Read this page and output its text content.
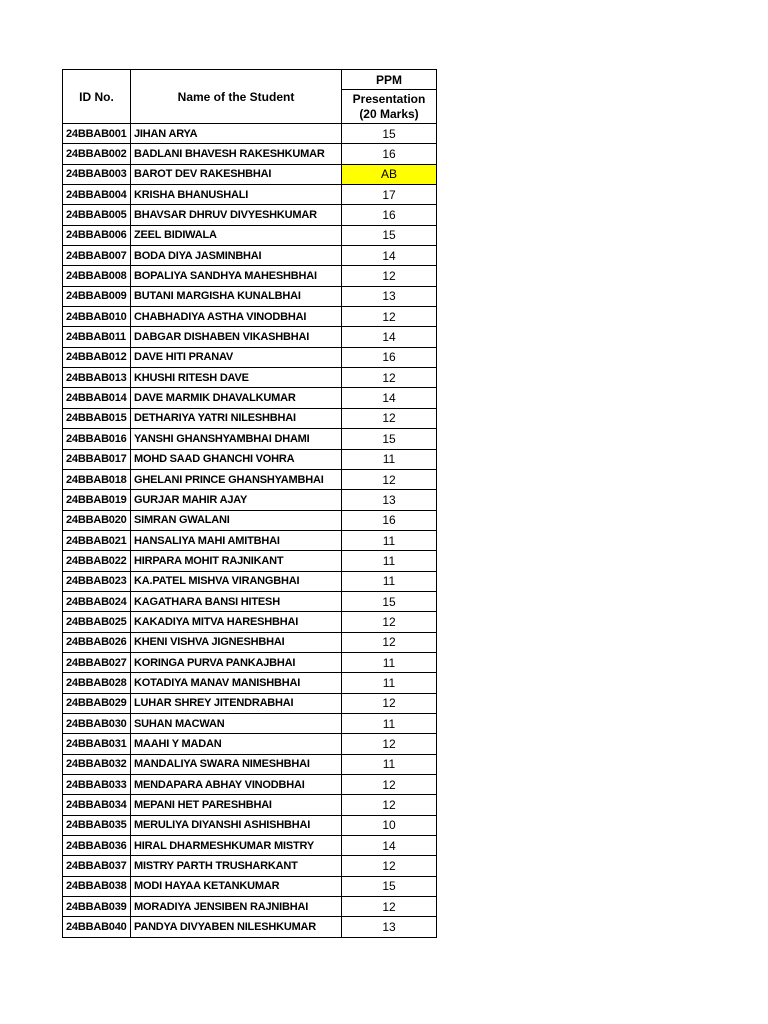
ID No.	Name of the Student	PPM
		Presentation
(20 Marks)
24BBAB001	JIHAN ARYA	15
24BBAB002	BADLANI BHAVESH RAKESHKUMAR	16
24BBAB003	BAROT DEV RAKESHBHAI	AB
24BBAB004	KRISHA BHANUSHALI	17
24BBAB005	BHAVSAR DHRUV DIVYESHKUMAR	16
24BBAB006	ZEEL BIDIWALA	15
24BBAB007	BODA DIYA JASMINBHAI	14
24BBAB008	BOPALIYA SANDHYA MAHESHBHAI	12
24BBAB009	BUTANI MARGISHA KUNALBHAI	13
24BBAB010	CHABHADIYA ASTHA VINODBHAI	12
24BBAB011	DABGAR DISHABEN VIKASHBHAI	14
24BBAB012	DAVE HITI PRANAV	16
24BBAB013	KHUSHI RITESH DAVE	12
24BBAB014	DAVE MARMIK DHAVALKUMAR	14
24BBAB015	DETHARIYA YATRI NILESHBHAI	12
24BBAB016	YANSHI GHANSHYAMBHAI DHAMI	15
24BBAB017	MOHD SAAD GHANCHI VOHRA	11
24BBAB018	GHELANI PRINCE GHANSHYAMBHAI	12
24BBAB019	GURJAR MAHIR AJAY	13
24BBAB020	SIMRAN GWALANI	16
24BBAB021	HANSALIYA MAHI AMITBHAI	11
24BBAB022	HIRPARA MOHIT RAJNIKANT	11
24BBAB023	KA.PATEL MISHVA VIRANGBHAI	11
24BBAB024	KAGATHARA BANSI HITESH	15
24BBAB025	KAKADIYA MITVA HARESHBHAI	12
24BBAB026	KHENI VISHVA JIGNESHBHAI	12
24BBAB027	KORINGA PURVA PANKAJBHAI	11
24BBAB028	KOTADIYA MANAV MANISHBHAI	11
24BBAB029	LUHAR SHREY JITENDRABHAI	12
24BBAB030	SUHAN MACWAN	11
24BBAB031	MAAHI Y MADAN	12
24BBAB032	MANDALIYA SWARA NIMESHBHAI	11
24BBAB033	MENDAPARA ABHAY VINODBHAI	12
24BBAB034	MEPANI HET PARESHBHAI	12
24BBAB035	MERULIYA DIYANSHI ASHISHBHAI	10
24BBAB036	HIRAL DHARMESHKUMAR MISTRY	14
24BBAB037	MISTRY PARTH TRUSHARKANT	12
24BBAB038	MODI HAYAA KETANKUMAR	15
24BBAB039	MORADIYA JENSIBEN RAJNIBHAI	12
24BBAB040	PANDYA DIVYABEN NILESHKUMAR	13
